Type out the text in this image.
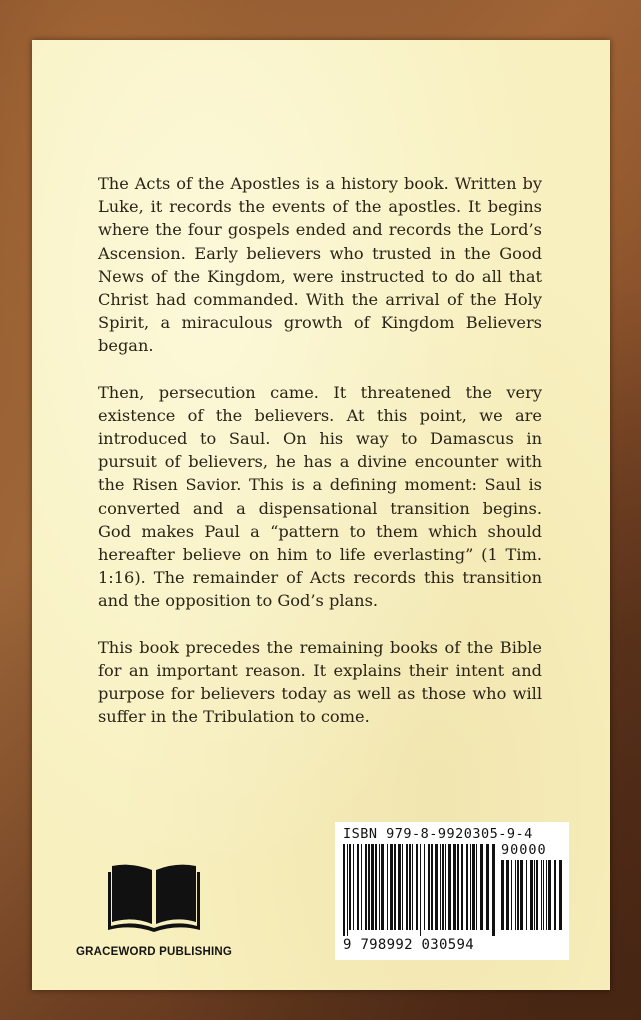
The Acts of the Apostles is a history book. Written by Luke, it records the events of the apostles. It begins where the four gospels ended and records the Lord’s Ascension. Early believers who trusted in the Good News of the Kingdom, were instructed to do all that Christ had commanded. With the arrival of the Holy Spirit, a miraculous growth of Kingdom Believers began.

Then, persecution came. It threatened the very existence of the believers. At this point, we are introduced to Saul. On his way to Damascus in pursuit of believers, he has a divine encounter with the Risen Savior. This is a defining moment: Saul is converted and a dispensational transition begins. God makes Paul a “pattern to them which should hereafter believe on him to life everlasting” (1 Tim. 1:16). The remainder of Acts records this transition and the opposition to God’s plans.

This book precedes the remaining books of the Bible for an important reason. It explains their intent and purpose for believers today as well as those who will suffer in the Tribulation to come.

GRACEWORD PUBLISHING
ISBN 979-8-9920305-9-4
90000
9 798992 030594
